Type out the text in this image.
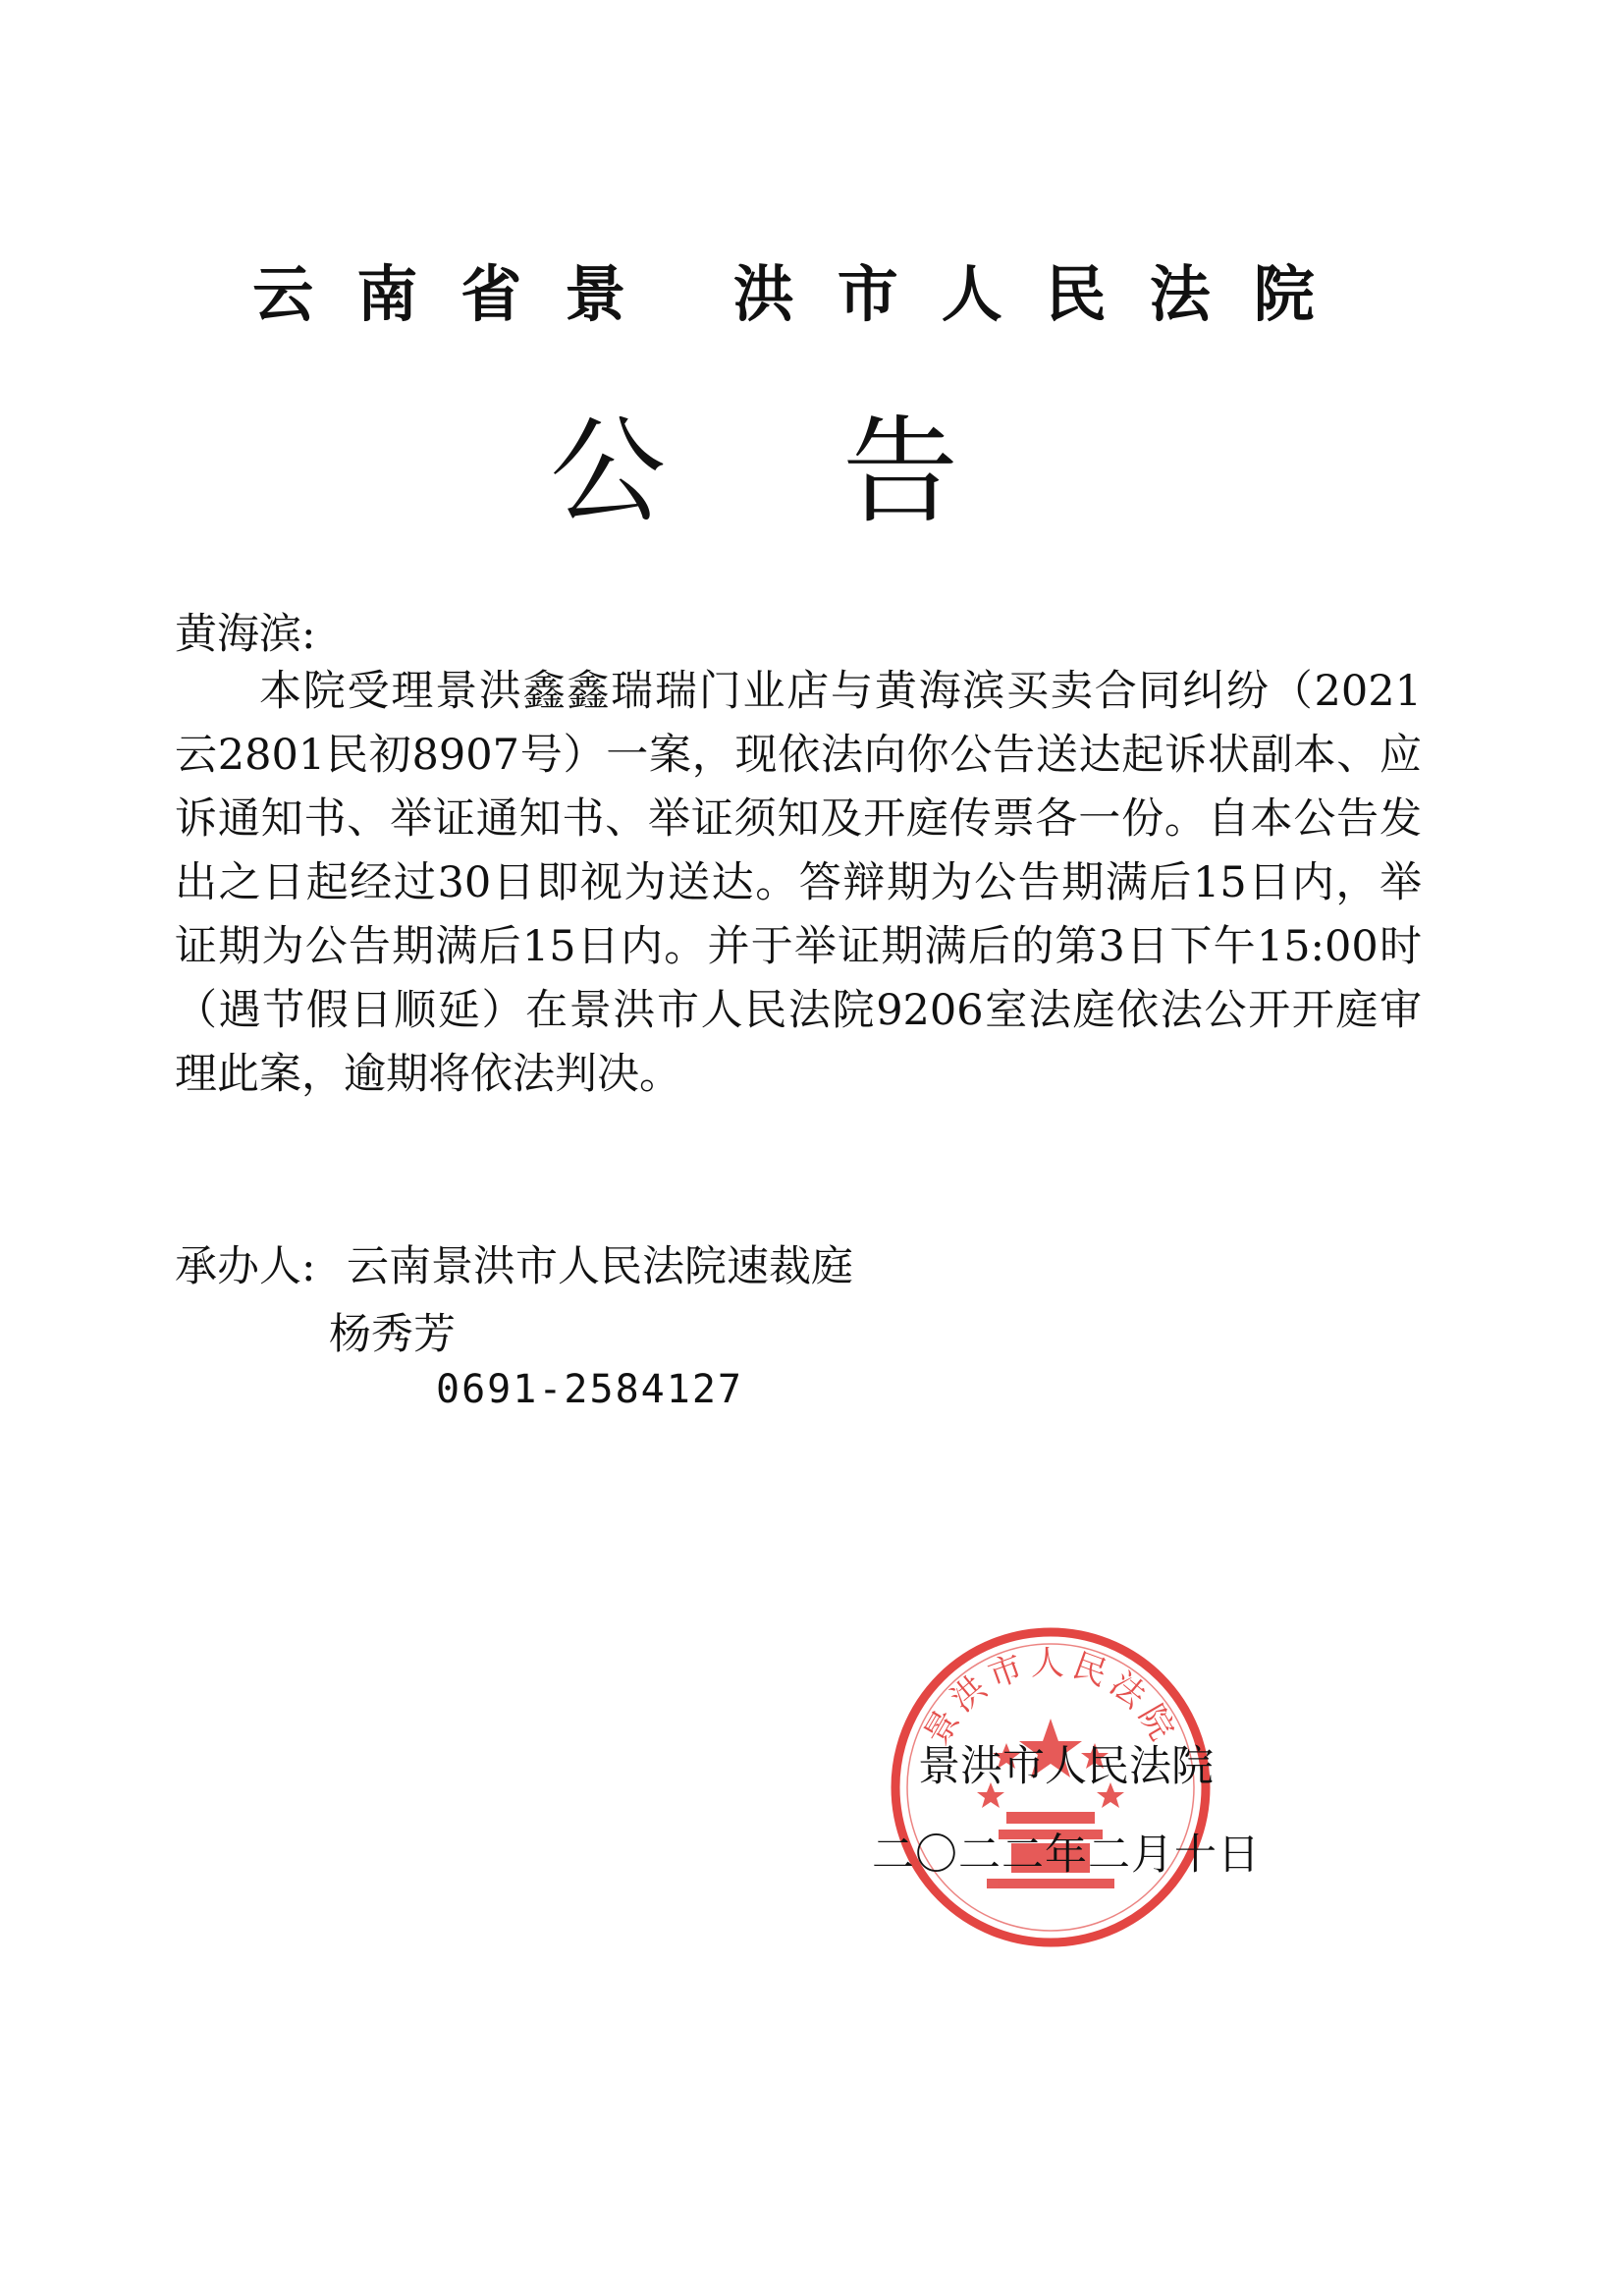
云南省景 洪市人民法院
公告
黄海滨:

本院受理景洪鑫鑫瑞瑞门业店与黄海滨买卖合同纠纷（2021云2801民初8907号）一案，现依法向你公告送达起诉状副本、应诉通知书、举证通知书、举证须知及开庭传票各一份。自本公告发出之日起经过30日即视为送达。答辩期为公告期满后15日内，举证期为公告期满后15日内。并于举证期满后的第3日下午15:00时（遇节假日顺延）在景洪市人民法院9206室法庭依法公开开庭审理此案，逾期将依法判决。

承办人: 云南景洪市人民法院速裁庭
杨秀芳
0691-2584127
景洪市人民法院
景洪市人民法院
二〇二二年二月十日
